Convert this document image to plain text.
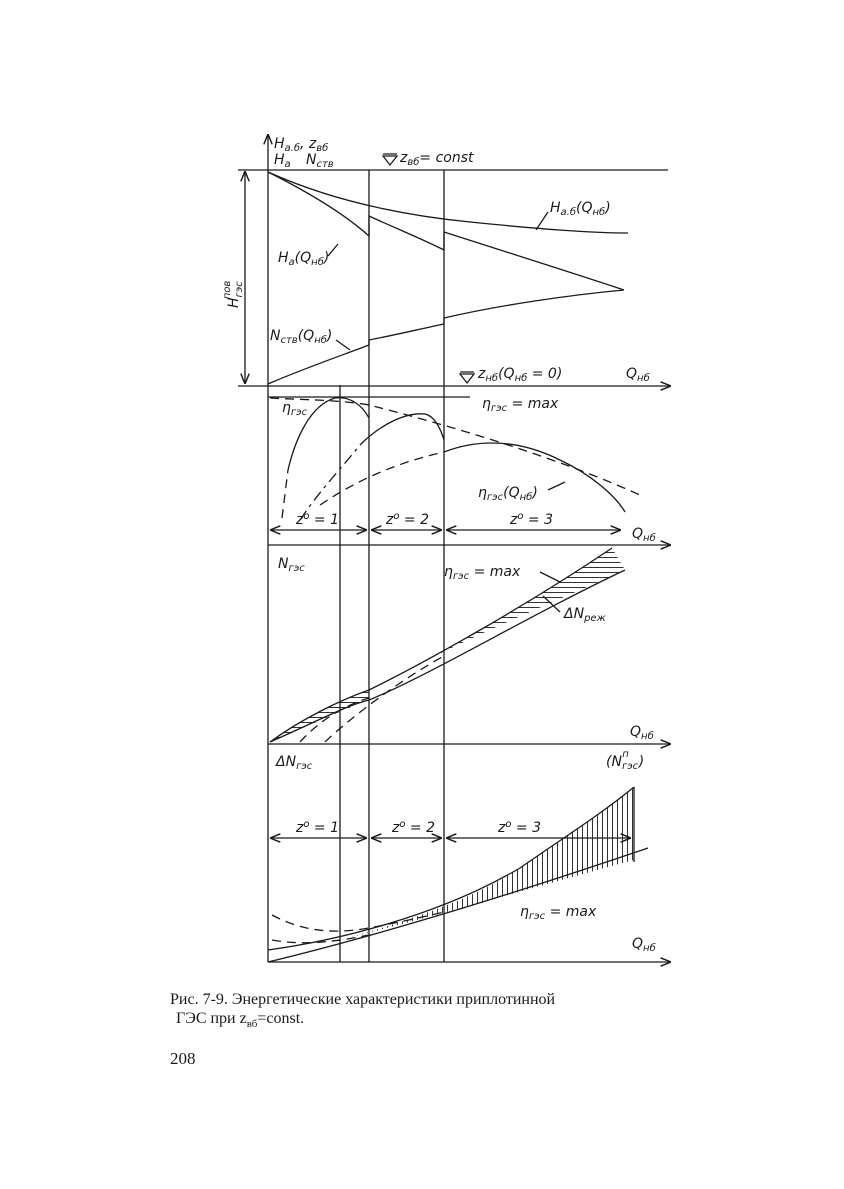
$H_{а.б}$, $z_{вб}$
$H_а$ $N_{ств}$	$z_{вб}=$ const
$H_{а.б}(Q_{нб})$
$H_а(Q_{нб})$
$N_{ств}(Q_{нб})$
$H_{гэс}пов$
$z_{нб}(Q_{нб} = 0)$	$Q_{нб}$
$\eta_{гэс}$
$\eta_{гэс} = \max$
$\eta_{гэс}(Q_{нб})$
$z^o = 1$	$z^o = 2$	$z^o = 3$
$Q_{нб}$
$N_{гэс}$	$\eta_{гэс} = \max$
$\Delta N_{реж}$
$Q_{нб}$
$\Delta N_{гэс}$	($N_{гэс}п$ )
$z^o = 1$	$z^o = 2$	$z^o = 3$
$\eta_{гэс} = \max$
$Q_{нб}$
Рис. 7-9. Энергетические характеристики приплотинной
ГЭС при $z_{вб}=const$.
208
